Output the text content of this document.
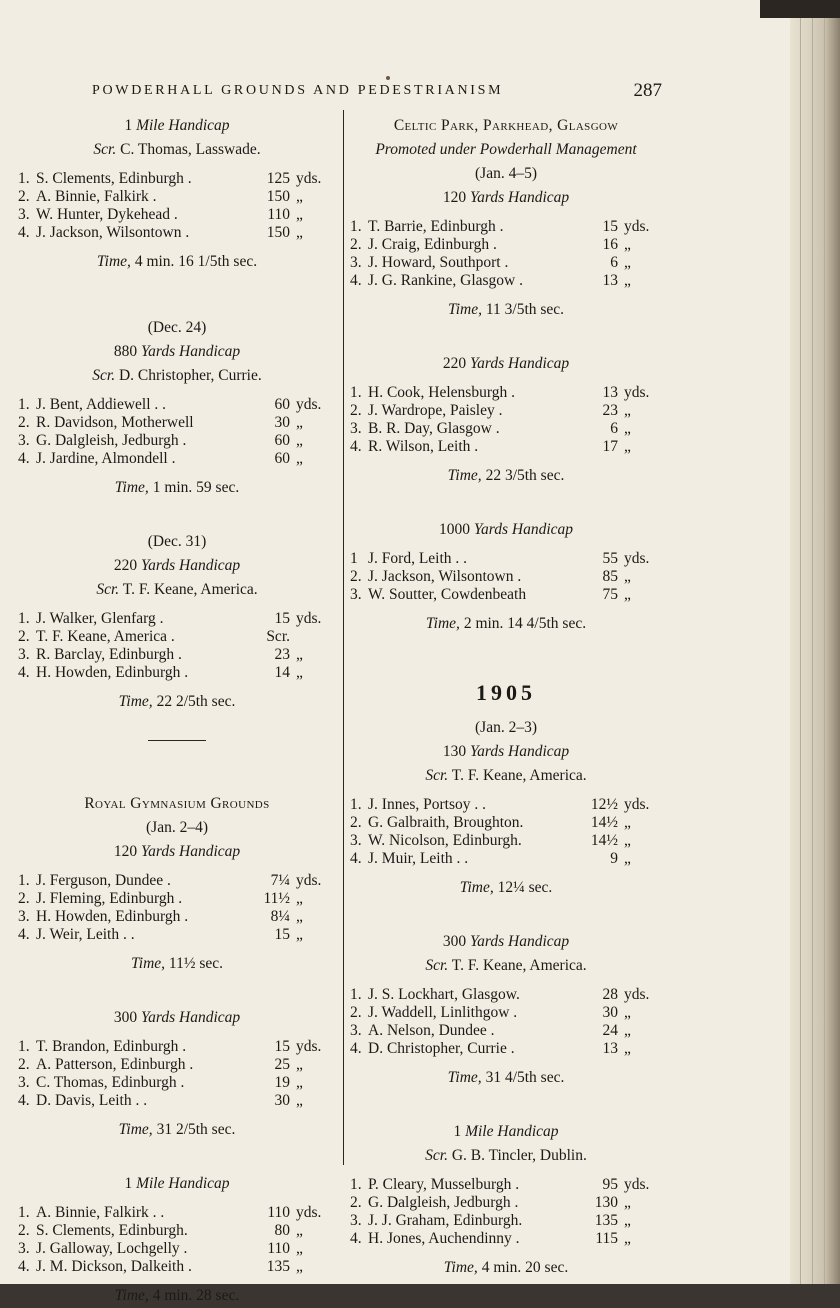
POWDERHALL GROUNDS AND PEDESTRIANISM	287
1 Mile Handicap
Scr. C. Thomas, Lasswade.
1. S. Clements, Edinburgh .	125 yds.
2. A. Binnie, Falkirk .	150 „
3. W. Hunter, Dykehead .	110 „
4. J. Jackson, Wilsontown .	150 „
Time, 4 min. 16 1/5th sec.
(Dec. 24)
880 Yards Handicap
Scr. D. Christopher, Currie.
1. J. Bent, Addiewell . .	60 yds.
2. R. Davidson, Motherwell	30 „
3. G. Dalgleish, Jedburgh .	60 „
4. J. Jardine, Almondell .	60 „
Time, 1 min. 59 sec.
(Dec. 31)
220 Yards Handicap
Scr. T. F. Keane, America.
1. J. Walker, Glenfarg .	15 yds.
2. T. F. Keane, America .	Scr.
3. R. Barclay, Edinburgh .	23 „
4. H. Howden, Edinburgh .	14 „
Time, 22 2/5th sec.
Royal Gymnasium Grounds
(Jan. 2–4)
120 Yards Handicap
1. J. Ferguson, Dundee .	7¼ yds.
2. J. Fleming, Edinburgh .	11½ „
3. H. Howden, Edinburgh .	8¼ „
4. J. Weir, Leith . .	15 „
Time, 11½ sec.
300 Yards Handicap
1. T. Brandon, Edinburgh .	15 yds.
2. A. Patterson, Edinburgh .	25 „
3. C. Thomas, Edinburgh .	19 „
4. D. Davis, Leith . .	30 „
Time, 31 2/5th sec.
1 Mile Handicap
1. A. Binnie, Falkirk . .	110 yds.
2. S. Clements, Edinburgh.	80 „
3. J. Galloway, Lochgelly .	110 „
4. J. M. Dickson, Dalkeith .	135 „
Time, 4 min. 28 sec.
Celtic Park, Parkhead, Glasgow
Promoted under Powderhall Management
(Jan. 4–5)
120 Yards Handicap
1. T. Barrie, Edinburgh .	15 yds.
2. J. Craig, Edinburgh .	16 „
3. J. Howard, Southport .	6 „
4. J. G. Rankine, Glasgow .	13 „
Time, 11 3/5th sec.
220 Yards Handicap
1. H. Cook, Helensburgh .	13 yds.
2. J. Wardrope, Paisley .	23 „
3. B. R. Day, Glasgow .	6 „
4. R. Wilson, Leith .	17 „
Time, 22 3/5th sec.
1000 Yards Handicap
1 J. Ford, Leith . .	55 yds.
2. J. Jackson, Wilsontown .	85 „
3. W. Soutter, Cowdenbeath	75 „
Time, 2 min. 14 4/5th sec.
1905
(Jan. 2–3)
130 Yards Handicap
Scr. T. F. Keane, America.
1. J. Innes, Portsoy . .	12½ yds.
2. G. Galbraith, Broughton.	14½ „
3. W. Nicolson, Edinburgh.	14½ „
4. J. Muir, Leith . .	9 „
Time, 12¼ sec.
300 Yards Handicap
Scr. T. F. Keane, America.
1. J. S. Lockhart, Glasgow.	28 yds.
2. J. Waddell, Linlithgow .	30 „
3. A. Nelson, Dundee .	24 „
4. D. Christopher, Currie .	13 „
Time, 31 4/5th sec.
1 Mile Handicap
Scr. G. B. Tincler, Dublin.
1. P. Cleary, Musselburgh .	95 yds.
2. G. Dalgleish, Jedburgh .	130 „
3. J. J. Graham, Edinburgh.	135 „
4. H. Jones, Auchendinny .	115 „
Time, 4 min. 20 sec.
